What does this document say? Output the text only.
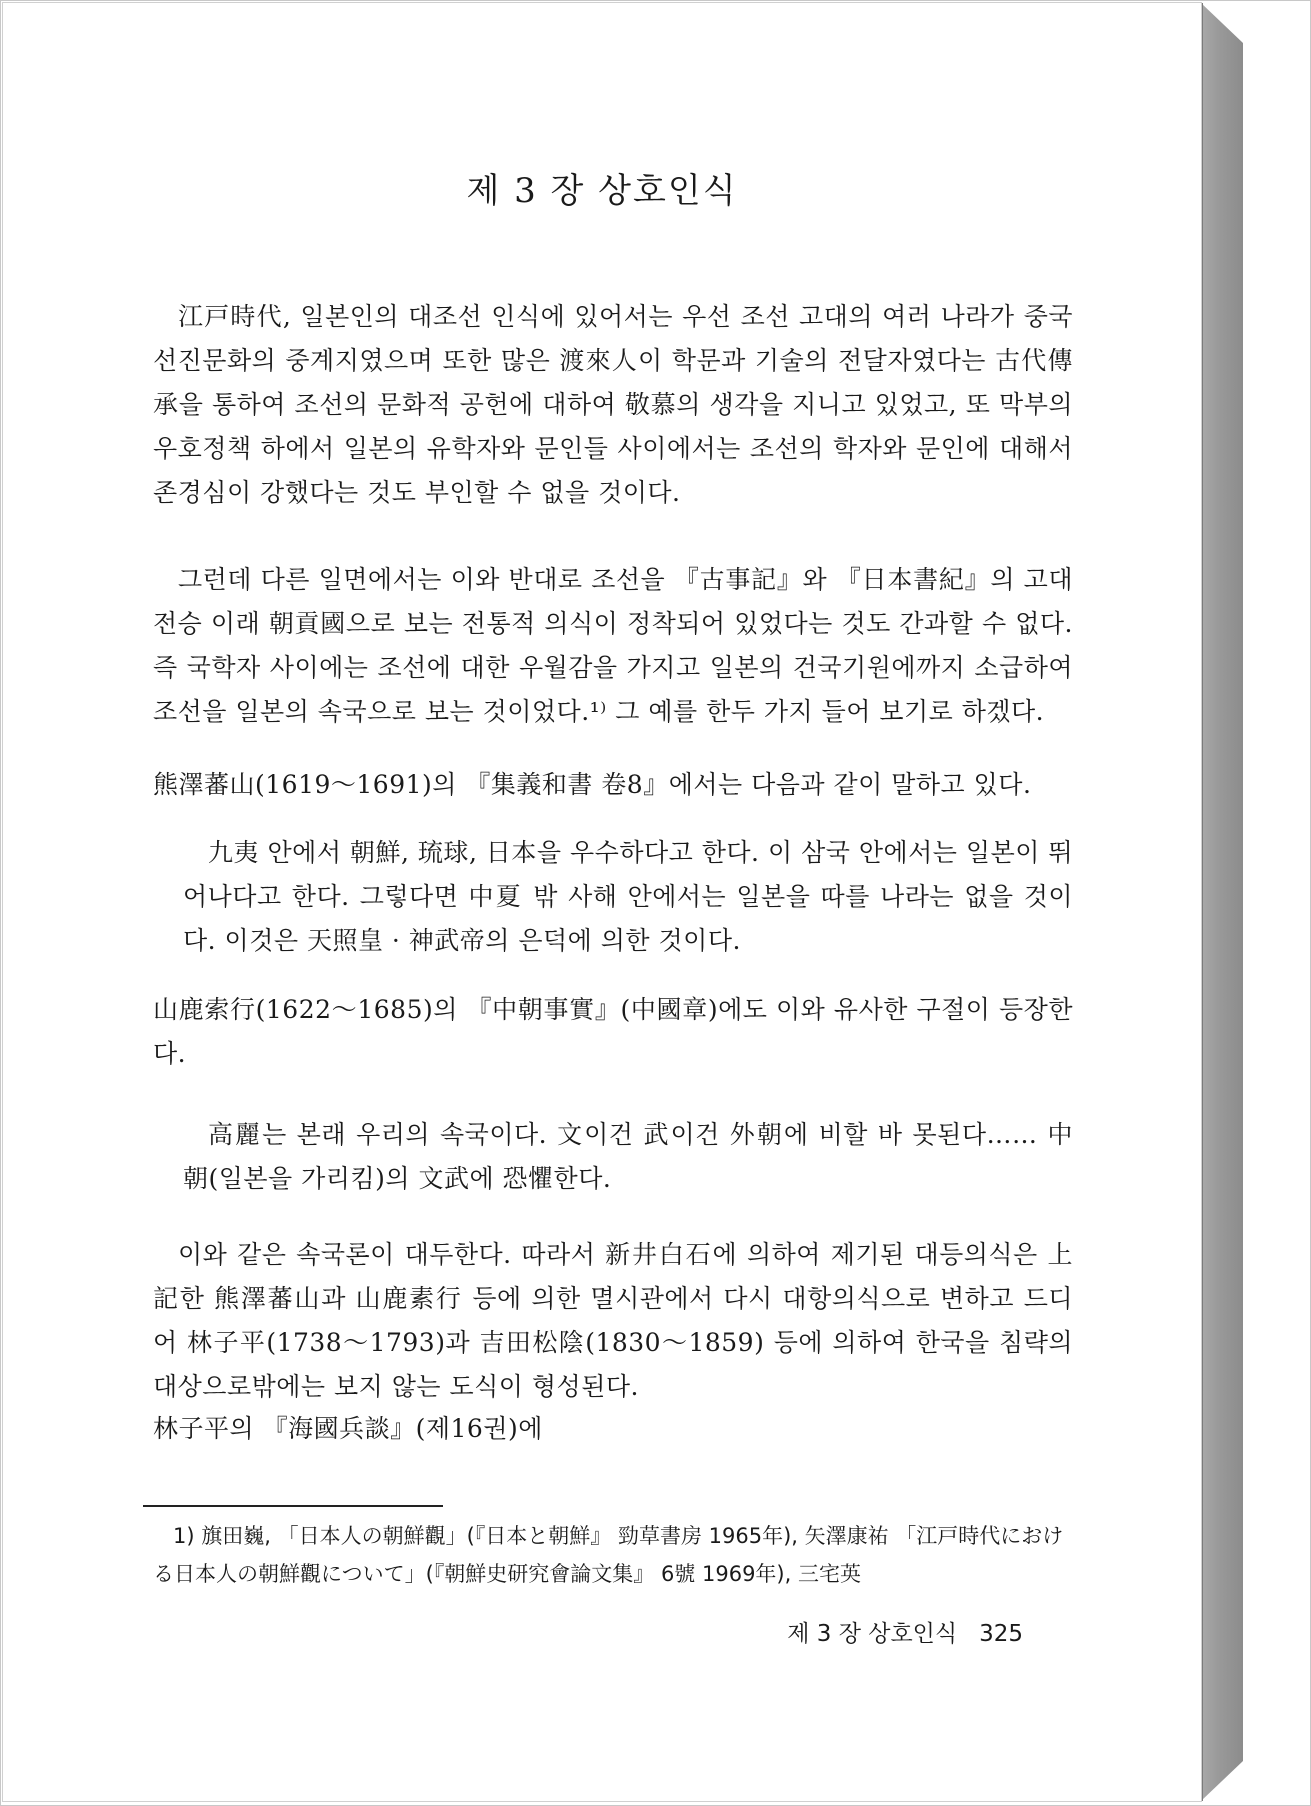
제 3 장 상호인식
江戸時代, 일본인의 대조선 인식에 있어서는 우선 조선 고대의 여러 나라가 중국 선진문화의 중계지였으며 또한 많은 渡來人이 학문과 기술의 전달자였다는 古代傳承을 통하여 조선의 문화적 공헌에 대하여 敬慕의 생각을 지니고 있었고, 또 막부의 우호정책 하에서 일본의 유학자와 문인들 사이에서는 조선의 학자와 문인에 대해서 존경심이 강했다는 것도 부인할 수 없을 것이다.
그런데 다른 일면에서는 이와 반대로 조선을 『古事記』와 『日本書紀』의 고대전승 이래 朝貢國으로 보는 전통적 의식이 정착되어 있었다는 것도 간과할 수 없다. 즉 국학자 사이에는 조선에 대한 우월감을 가지고 일본의 건국기원에까지 소급하여 조선을 일본의 속국으로 보는 것이었다.¹⁾ 그 예를 한두 가지 들어 보기로 하겠다.
熊澤蕃山(1619～1691)의 『集義和書 卷8』에서는 다음과 같이 말하고 있다.
九夷 안에서 朝鮮, 琉球, 日本을 우수하다고 한다. 이 삼국 안에서는 일본이 뛰어나다고 한다. 그렇다면 中夏 밖 사해 안에서는 일본을 따를 나라는 없을 것이다. 이것은 天照皇 · 神武帝의 은덕에 의한 것이다.
山鹿索行(1622～1685)의 『中朝事實』(中國章)에도 이와 유사한 구절이 등장한다.
高麗는 본래 우리의 속국이다. 文이건 武이건 外朝에 비할 바 못된다…… 中朝(일본을 가리킴)의 文武에 恐懼한다.
이와 같은 속국론이 대두한다. 따라서 新井白石에 의하여 제기된 대등의식은 上記한 熊澤蕃山과 山鹿素行 등에 의한 멸시관에서 다시 대항의식으로 변하고 드디어 林子平(1738～1793)과 吉田松陰(1830～1859) 등에 의하여 한국을 침략의 대상으로밖에는 보지 않는 도식이 형성된다.
林子平의 『海國兵談』(제16권)에
1) 旗田巍, 「日本人の朝鮮觀」(『日本と朝鮮』 勁草書房 1965年), 矢澤康祐 「江戸時代における日本人の朝鮮觀について」(『朝鮮史研究會論文集』 6號 1969年), 三宅英
제 3 장 상호인식 325
